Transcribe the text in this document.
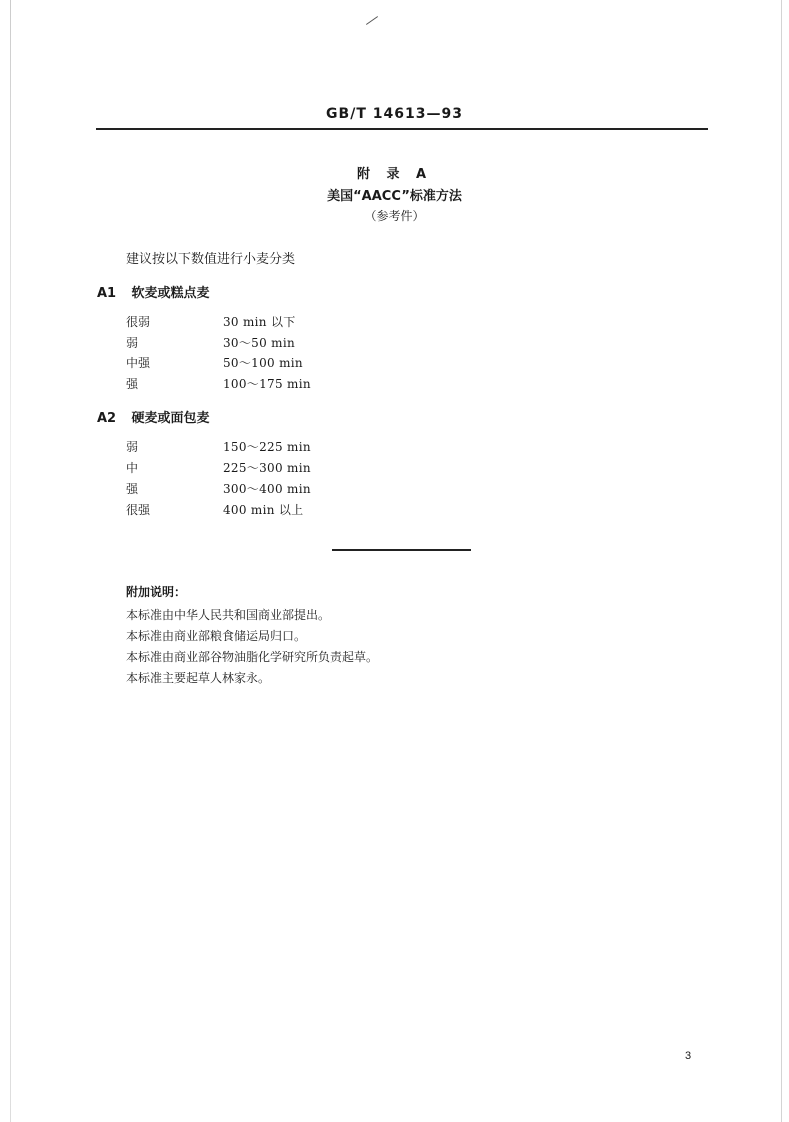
GB/T 14613—93
附 录 A
美国“AACC”标准方法
（参考件）
建议按以下数值进行小麦分类
A1 软麦或糕点麦
很弱	30 min 以下
弱	30～50 min
中强	50～100 min
强	100～175 min
A2 硬麦或面包麦
弱	150～225 min
中	225～300 min
强	300～400 min
很强	400 min 以上
附加说明：
本标准由中华人民共和国商业部提出。
本标准由商业部粮食储运局归口。
本标准由商业部谷物油脂化学研究所负责起草。
本标准主要起草人林家永。
3
